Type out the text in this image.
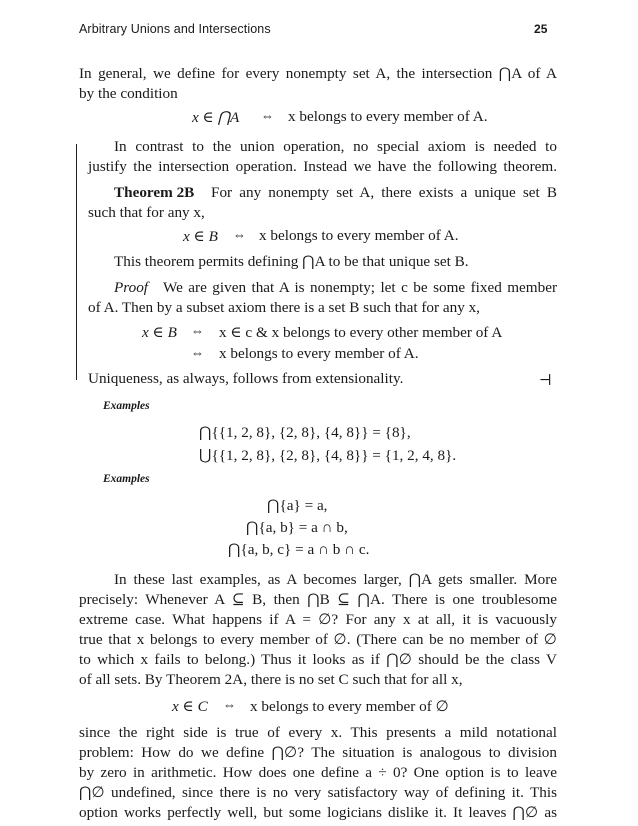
Arbitrary Unions and Intersections	25
In general, we define for every nonempty set A, the intersection ⋂A of A
by the condition
x ∈ ⋂A ⇔ x belongs to every member of A.
In contrast to the union operation, no special axiom is needed to
justify the intersection operation. Instead we have the following theorem.
Theorem 2B For any nonempty set A, there exists a unique set B
such that for any x,
x ∈ B ⇔ x belongs to every member of A.
This theorem permits defining ⋂A to be that unique set B.
Proof We are given that A is nonempty; let c be some fixed member
of A. Then by a subset axiom there is a set B such that for any x,
x ∈ B ⇔ x ∈ c & x belongs to every other member of A
⇔ x belongs to every member of A.
Uniqueness, as always, follows from extensionality.	⊣
Examples
⋂{{1, 2, 8}, {2, 8}, {4, 8}} = {8},
⋃{{1, 2, 8}, {2, 8}, {4, 8}} = {1, 2, 4, 8}.
Examples
⋂{a} = a,
⋂{a, b} = a ∩ b,
⋂{a, b, c} = a ∩ b ∩ c.
In these last examples, as A becomes larger, ⋂A gets smaller. More
precisely: Whenever A ⊆ B, then ⋂B ⊆ ⋂A. There is one troublesome
extreme case. What happens if A = ∅? For any x at all, it is vacuously
true that x belongs to every member of ∅. (There can be no member of ∅
to which x fails to belong.) Thus it looks as if ⋂∅ should be the class V
of all sets. By Theorem 2A, there is no set C such that for all x,
x ∈ C ⇔ x belongs to every member of ∅
since the right side is true of every x. This presents a mild notational
problem: How do we define ⋂∅? The situation is analogous to division
by zero in arithmetic. How does one define a ÷ 0? One option is to leave
⋂∅ undefined, since there is no very satisfactory way of defining it. This
option works perfectly well, but some logicians dislike it. It leaves ⋂∅ as
